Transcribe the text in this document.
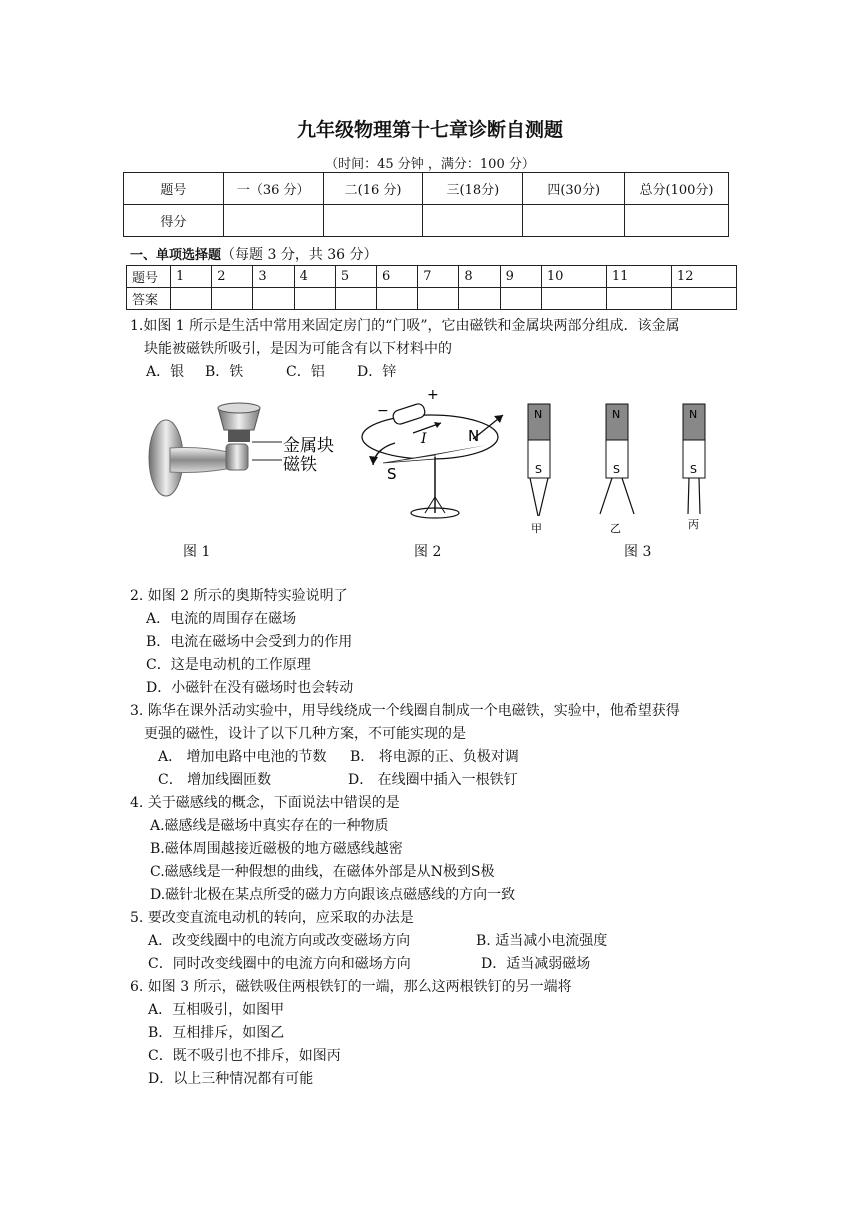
九年级物理第十七章诊断自测题
（时间：45 分钟 ，满分：100 分）
题号	一（36 分）	二(16 分)	三(18分)	四(30分)	总分(100分)
得分					
一、单项选择题（每题 3 分，共 36 分）
题号	1	2	3	4	5	6	7	8	9	10	11	12
答案												
1.如图 1 所示是生活中常用来固定房门的“门吸”，它由磁铁和金属块两部分组成．该金属
块能被磁铁所吸引，是因为可能含有以下材料中的
A．银 B．铁	C．铝 D．锌
金属块
磁铁
图 1
−
+
I	N
S
图 2
N
S
甲
N
S
乙
N
S
丙
图 3
2. 如图 2 所示的奥斯特实验说明了
A．电流的周围存在磁场
B．电流在磁场中会受到力的作用
C．这是电动机的工作原理
D．小磁针在没有磁场时也会转动
3. 陈华在课外活动实验中，用导线绕成一个线圈自制成一个电磁铁，实验中，他希望获得
更强的磁性，设计了以下几种方案，不可能实现的是
A． 增加电路中电池的节数 B． 将电源的正、负极对调
C． 增加线圈匝数	D． 在线圈中插入一根铁钉
4. 关于磁感线的概念，下面说法中错误的是
A.磁感线是磁场中真实存在的一种物质
B.磁体周围越接近磁极的地方磁感线越密
C.磁感线是一种假想的曲线，在磁体外部是从N极到S极
D.磁针北极在某点所受的磁力方向跟该点磁感线的方向一致
5. 要改变直流电动机的转向，应采取的办法是
A．改变线圈中的电流方向或改变磁场方向	B. 适当减小电流强度
C．同时改变线圈中的电流方向和磁场方向	D．适当减弱磁场
6. 如图 3 所示，磁铁吸住两根铁钉的一端，那么这两根铁钉的另一端将
A．互相吸引，如图甲
B．互相排斥，如图乙
C．既不吸引也不排斥，如图丙
D．以上三种情况都有可能
